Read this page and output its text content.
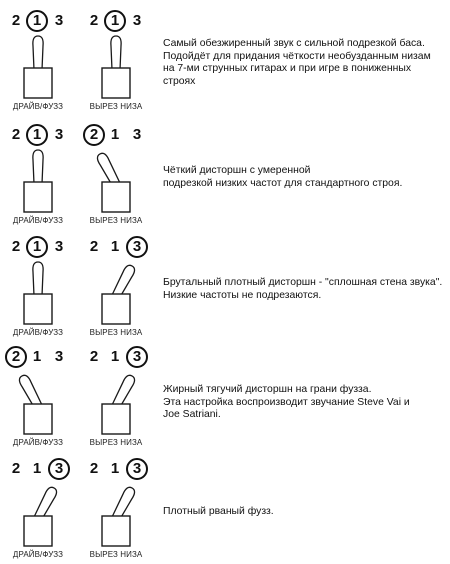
2 1 3
ДРАЙВ/ФУЗЗ
2 1 3
ВЫРЕЗ НИЗА
Самый обезжиренный звук с сильной подрезкой баса.
Подойдёт для придания чёткости необузданным низам
на 7-ми струнных гитарах и при игре в пониженных
строях
2 1 3
ДРАЙВ/ФУЗЗ
2 1 3
ВЫРЕЗ НИЗА
Чёткий дисторшн с умеренной
подрезкой низких частот для стандартного строя.
2 1 3
ДРАЙВ/ФУЗЗ
2 1 3
ВЫРЕЗ НИЗА
Брутальный плотный дисторшн - "сплошная стена звука".
Низкие частоты не подрезаются.
2 1 3
ДРАЙВ/ФУЗЗ
2 1 3
ВЫРЕЗ НИЗА
Жирный тягучий дисторшн на грани фузза.
Эта настройка воспроизводит звучание Steve Vai и
Joe Satriani.
2 1 3
ДРАЙВ/ФУЗЗ
2 1 3
ВЫРЕЗ НИЗА
Плотный рваный фузз.
